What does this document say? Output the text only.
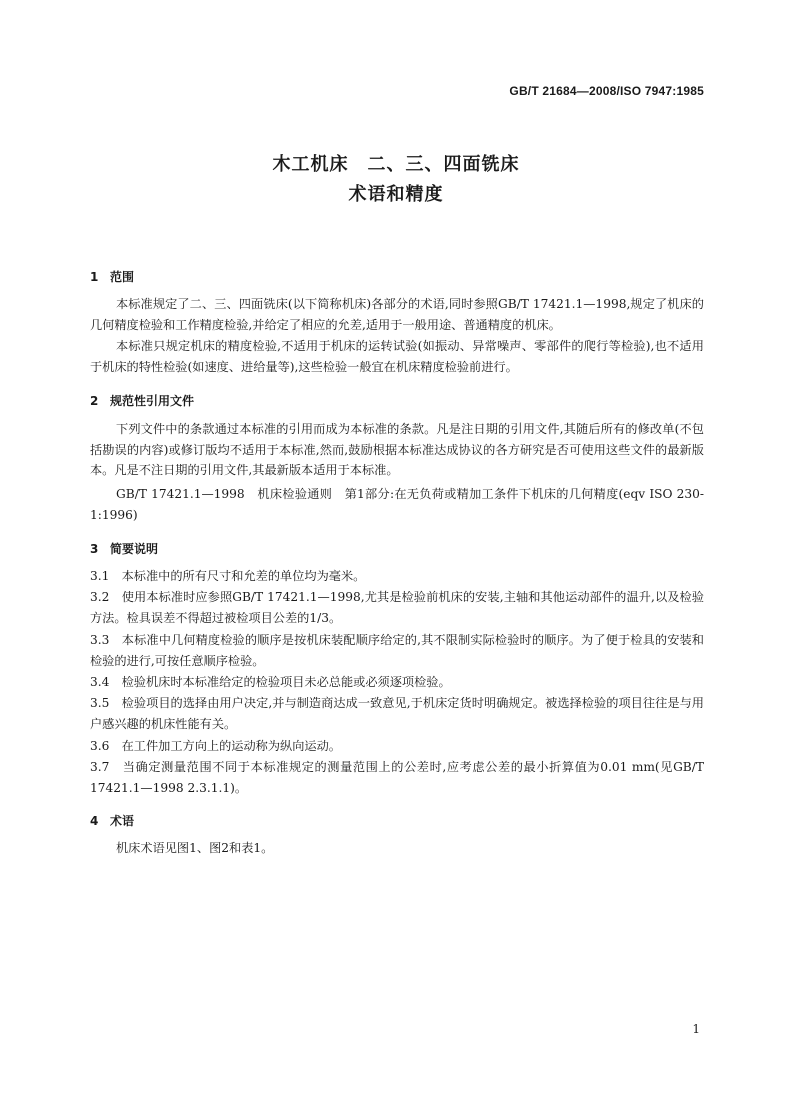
GB/T 21684—2008/ISO 7947:1985
木工机床　二、三、四面铣床
术语和精度
1 范围
本标准规定了二、三、四面铣床(以下简称机床)各部分的术语,同时参照GB/T 17421.1—1998,规定了机床的几何精度检验和工作精度检验,并给定了相应的允差,适用于一般用途、普通精度的机床。
本标准只规定机床的精度检验,不适用于机床的运转试验(如振动、异常噪声、零部件的爬行等检验),也不适用于机床的特性检验(如速度、进给量等),这些检验一般宜在机床精度检验前进行。
2 规范性引用文件
下列文件中的条款通过本标准的引用而成为本标准的条款。凡是注日期的引用文件,其随后所有的修改单(不包括勘误的内容)或修订版均不适用于本标准,然而,鼓励根据本标准达成协议的各方研究是否可使用这些文件的最新版本。凡是不注日期的引用文件,其最新版本适用于本标准。
GB/T 17421.1—1998　机床检验通则　第1部分:在无负荷或精加工条件下机床的几何精度(eqv ISO 230-1:1996)
3 简要说明
3.1　本标准中的所有尺寸和允差的单位均为毫米。
3.2　使用本标准时应参照GB/T 17421.1—1998,尤其是检验前机床的安装,主轴和其他运动部件的温升,以及检验方法。检具误差不得超过被检项目公差的1/3。
3.3　本标准中几何精度检验的顺序是按机床装配顺序给定的,其不限制实际检验时的顺序。为了便于检具的安装和检验的进行,可按任意顺序检验。
3.4　检验机床时本标准给定的检验项目未必总能或必须逐项检验。
3.5　检验项目的选择由用户决定,并与制造商达成一致意见,于机床定货时明确规定。被选择检验的项目往往是与用户感兴趣的机床性能有关。
3.6　在工件加工方向上的运动称为纵向运动。
3.7　当确定测量范围不同于本标准规定的测量范围上的公差时,应考虑公差的最小折算值为0.01 mm(见GB/T 17421.1—1998 2.3.1.1)。
4 术语
机床术语见图1、图2和表1。
1
